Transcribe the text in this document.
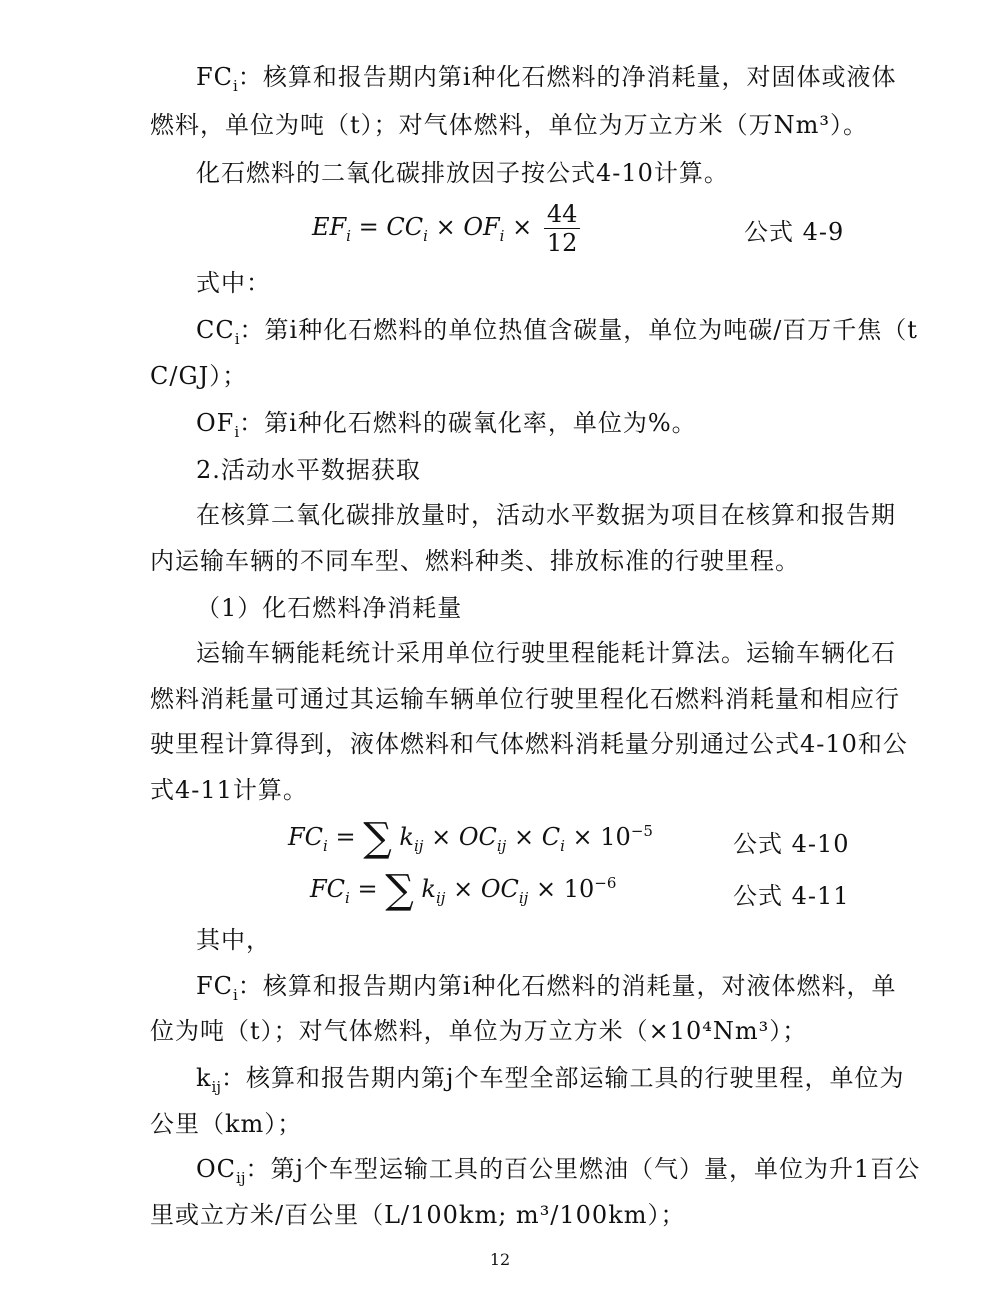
$FC_i$：核算和报告期内第i种化石燃料的净消耗量，对固体或液体
燃料，单位为吨（t）；对气体燃料，单位为万立方米（万Nm³）。
化石燃料的二氧化碳排放因子按公式4-10计算。
$EF_i = CC_i \times OF_i \times \frac{44}{12}$	公式 4-9
式中：
$CC_i$：第i种化石燃料的单位热值含碳量，单位为吨碳/百万千焦（t
C/GJ）；
$OF_i$：第i种化石燃料的碳氧化率，单位为%。
2.活动水平数据获取
在核算二氧化碳排放量时，活动水平数据为项目在核算和报告期
内运输车辆的不同车型、燃料种类、排放标准的行驶里程。
（1）化石燃料净消耗量
运输车辆能耗统计采用单位行驶里程能耗计算法。运输车辆化石
燃料消耗量可通过其运输车辆单位行驶里程化石燃料消耗量和相应行
驶里程计算得到，液体燃料和气体燃料消耗量分别通过公式4-10和公
式4-11计算。
$FC_i$ = ∑ $k_{ij} \times OC_{ij} \times C_i \times 10^{-5}$	公式 4-10
$FC_i$ = ∑ $k_{ij} \times OC_{ij} \times 10^{-6}$	公式 4-11
其中，
$FC_i$：核算和报告期内第i种化石燃料的消耗量，对液体燃料，单
位为吨（t）；对气体燃料，单位为万立方米（×10⁴Nm³）；
$k_{ij}$：核算和报告期内第j个车型全部运输工具的行驶里程，单位为
公里（km）；
$OC_{ij}$：第j个车型运输工具的百公里燃油（气）量，单位为升1百公
里或立方米/百公里（L/100km; m³/100km）；
12
